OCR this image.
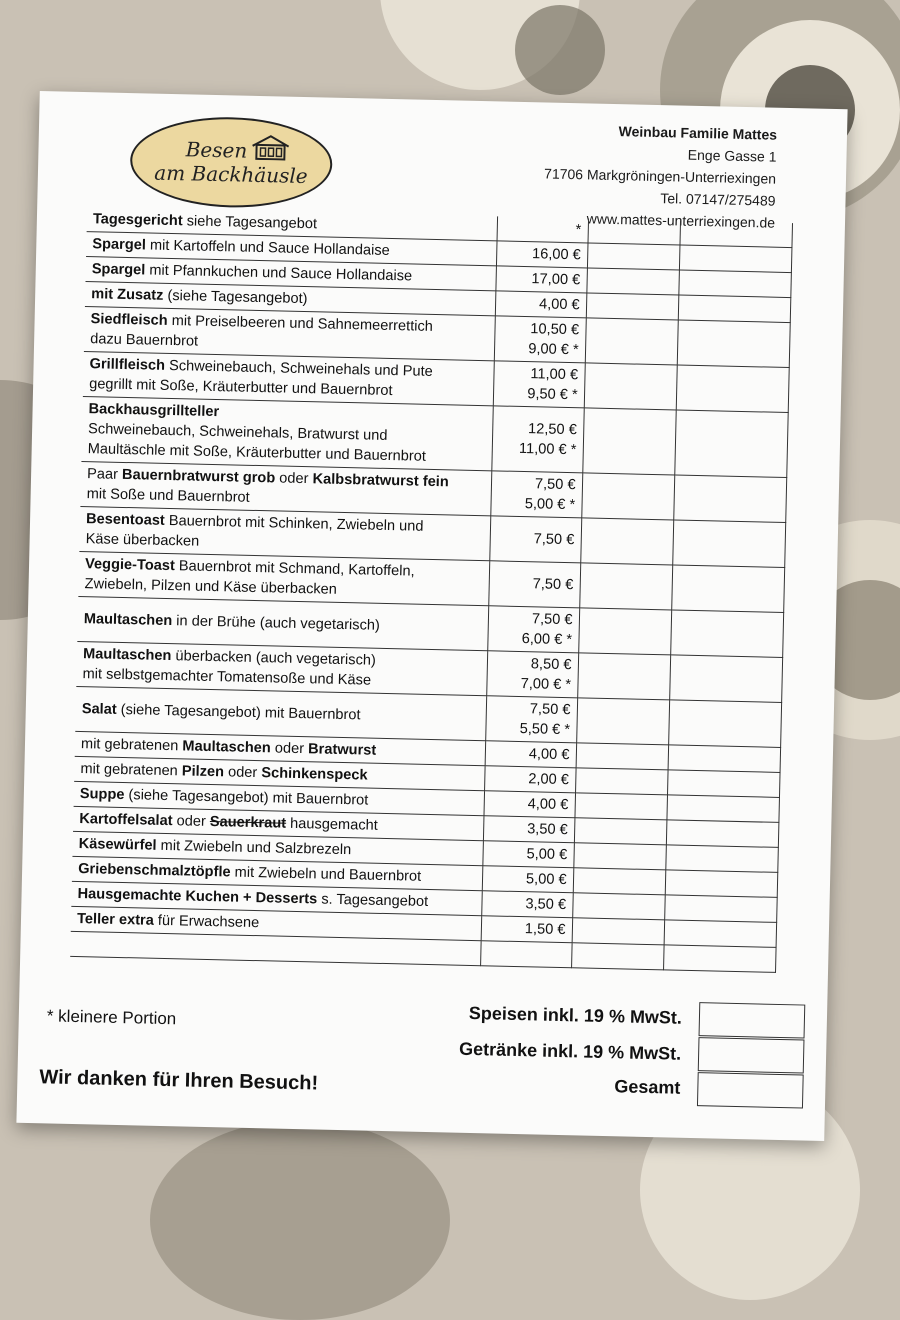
Besen
am Backhäusle
Weinbau Familie Mattes
Enge Gasse 1
71706 Markgröningen-Unterriexingen
Tel. 07147/275489
www.mattes-unterriexingen.de
Tagesgericht siehe Tagesangebot	*		

Spargel mit Kartoffeln und Sauce Hollandaise	16,00 €		

Spargel mit Pfannkuchen und Sauce Hollandaise	17,00 €		

mit Zusatz (siehe Tagesangebot)	4,00 €		

Siedfleisch mit Preiselbeeren und Sahnemeerrettich
dazu Bauernbrot	10,50 €
9,00 € *		

Grillfleisch Schweinebauch, Schweinehals und Pute
gegrillt mit Soße, Kräuterbutter und Bauernbrot	11,00 €
9,50 € *		

Backhausgrillteller
Schweinebauch, Schweinehals, Bratwurst und
Maultäschle mit Soße, Kräuterbutter und Bauernbrot	12,50 €
11,00 € *		

Paar Bauernbratwurst grob oder Kalbsbratwurst fein
mit Soße und Bauernbrot	7,50 €
5,00 € *		

Besentoast Bauernbrot mit Schinken, Zwiebeln und
Käse überbacken	7,50 €		

Veggie-Toast Bauernbrot mit Schmand, Kartoffeln,
Zwiebeln, Pilzen und Käse überbacken	7,50 €		

Maultaschen in der Brühe (auch vegetarisch)	7,50 €
6,00 € *		

Maultaschen überbacken (auch vegetarisch)
mit selbstgemachter Tomatensoße und Käse	8,50 €
7,00 € *		

Salat (siehe Tagesangebot) mit Bauernbrot	7,50 €
5,50 € *		

mit gebratenen Maultaschen oder Bratwurst	4,00 €		

mit gebratenen Pilzen oder Schinkenspeck	2,00 €		

Suppe (siehe Tagesangebot) mit Bauernbrot	4,00 €		

Kartoffelsalat oder Sauerkraut hausgemacht	3,50 €		

Käsewürfel mit Zwiebeln und Salzbrezeln	5,00 €		

Griebenschmalztöpfle mit Zwiebeln und Bauernbrot	5,00 €		

Hausgemachte Kuchen + Desserts s. Tagesangebot	3,50 €		

Teller extra für Erwachsene	1,50 €		

* kleinere Portion	Speisen inkl. 19 % MwSt.
Getränke inkl. 19 % MwSt.
Gesamt
Wir danken für Ihren Besuch!
